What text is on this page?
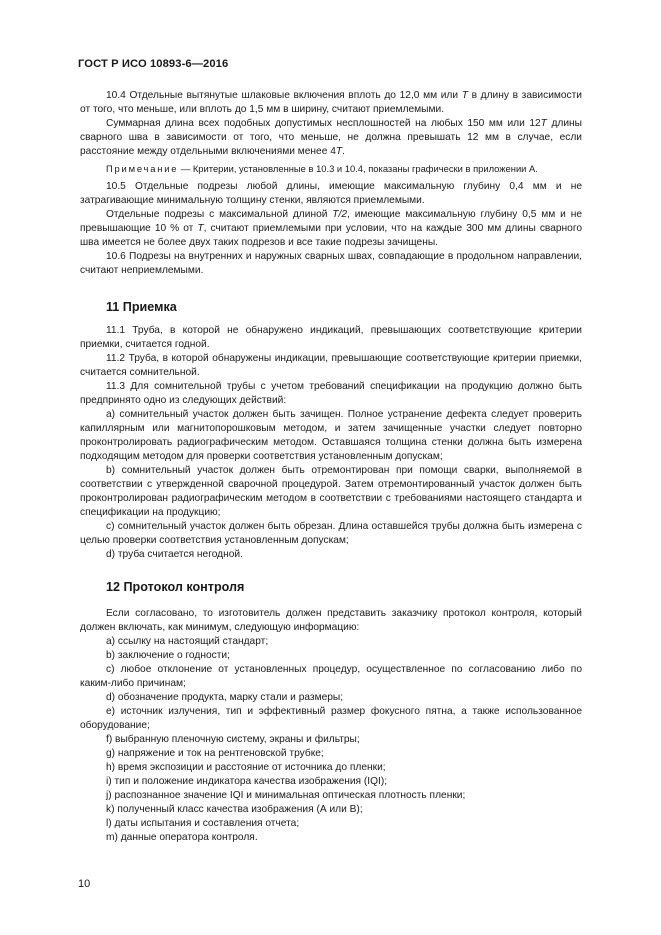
ГОСТ Р ИСО 10893-6—2016

10.4 Отдельные вытянутые шлаковые включения вплоть до 12,0 мм или T в длину в зависимости от того, что меньше, или вплоть до 1,5 мм в ширину, считают приемлемыми.

Суммарная длина всех подобных допустимых несплошностей на любых 150 мм или 12T длины сварного шва в зависимости от того, что меньше, не должна превышать 12 мм в случае, если расстояние между отдельными включениями менее 4T.

Примечание — Критерии, установленные в 10.3 и 10.4, показаны графически в приложении А.

10.5 Отдельные подрезы любой длины, имеющие максимальную глубину 0,4 мм и не затрагивающие минимальную толщину стенки, являются приемлемыми.

Отдельные подрезы с максимальной длиной T/2, имеющие максимальную глубину 0,5 мм и не превышающие 10 % от T, считают приемлемыми при условии, что на каждые 300 мм длины сварного шва имеется не более двух таких подрезов и все такие подрезы зачищены.

10.6 Подрезы на внутренних и наружных сварных швах, совпадающие в продольном направлении, считают неприемлемыми.

11 Приемка

11.1 Труба, в которой не обнаружено индикаций, превышающих соответствующие критерии приемки, считается годной.

11.2 Труба, в которой обнаружены индикации, превышающие соответствующие критерии приемки, считается сомнительной.

11.3 Для сомнительной трубы с учетом требований спецификации на продукцию должно быть предпринято одно из следующих действий:

a) сомнительный участок должен быть зачищен. Полное устранение дефекта следует проверить капиллярным или магнитопорошковым методом, и затем зачищенные участки следует повторно проконтролировать радиографическим методом. Оставшаяся толщина стенки должна быть измерена подходящим методом для проверки соответствия установленным допускам;

b) сомнительный участок должен быть отремонтирован при помощи сварки, выполняемой в соответствии с утвержденной сварочной процедурой. Затем отремонтированный участок должен быть проконтролирован радиографическим методом в соответствии с требованиями настоящего стандарта и спецификации на продукцию;

c) сомнительный участок должен быть обрезан. Длина оставшейся трубы должна быть измерена с целью проверки соответствия установленным допускам;

d) труба считается негодной.

12 Протокол контроля

Если согласовано, то изготовитель должен представить заказчику протокол контроля, который должен включать, как минимум, следующую информацию:

a) ссылку на настоящий стандарт;

b) заключение о годности;

c) любое отклонение от установленных процедур, осуществленное по согласованию либо по каким-либо причинам;

d) обозначение продукта, марку стали и размеры;

e) источник излучения, тип и эффективный размер фокусного пятна, а также использованное оборудование;

f) выбранную пленочную систему, экраны и фильтры;

g) напряжение и ток на рентгеновской трубке;

h) время экспозиции и расстояние от источника до пленки;

i) тип и положение индикатора качества изображения (IQI);

j) распознанное значение IQI и минимальная оптическая плотность пленки;

k) полученный класс качества изображения (А или В);

l) даты испытания и составления отчета;

m) данные оператора контроля.

10
